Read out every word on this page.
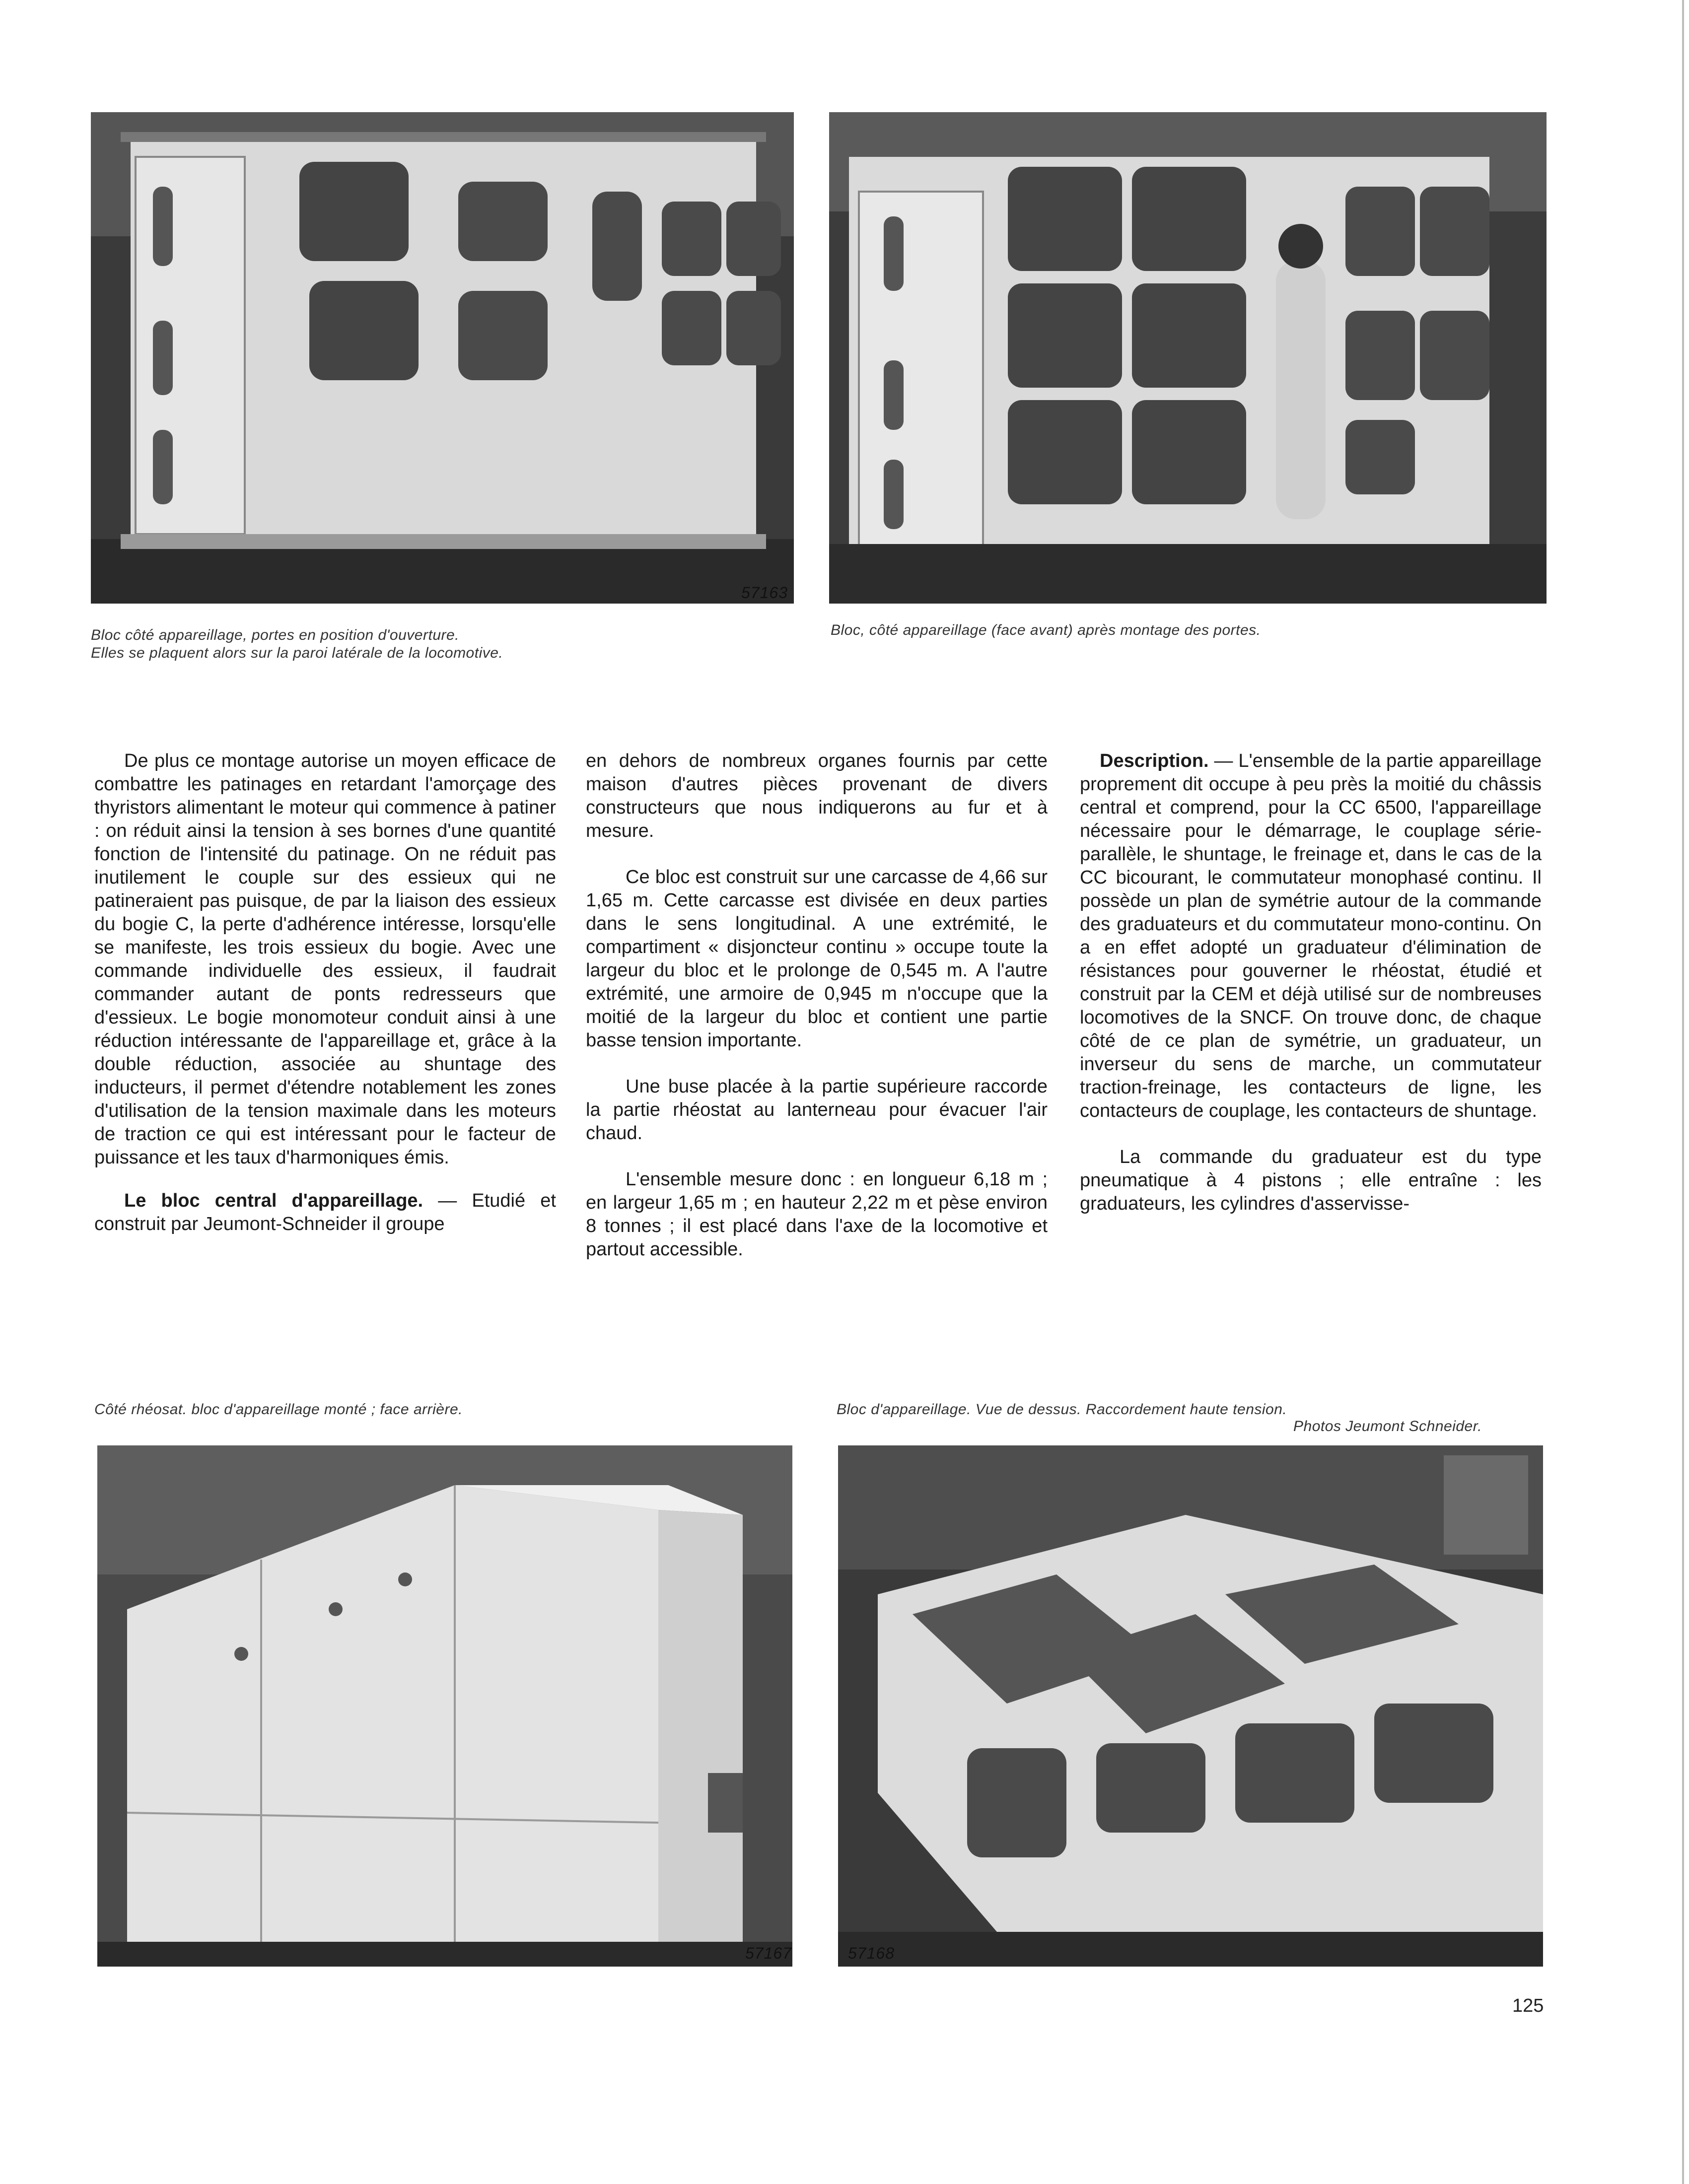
57163
Bloc côté appareillage, portes en position d'ouverture.
Elles se plaquent alors sur la paroi latérale de la locomotive.
Bloc, côté appareillage (face avant) après montage des portes.

De plus ce montage autorise un moyen efficace de combattre les patinages en retardant l'amorçage des thyristors alimentant le moteur qui commence à patiner : on réduit ainsi la tension à ses bornes d'une quantité fonction de l'intensité du patinage. On ne réduit pas inutilement le couple sur des essieux qui ne patineraient pas puisque, de par la liaison des essieux du bogie C, la perte d'adhérence intéresse, lorsqu'elle se manifeste, les trois essieux du bogie. Avec une commande individuelle des essieux, il faudrait commander autant de ponts redresseurs que d'essieux. Le bogie monomoteur conduit ainsi à une réduction intéressante de l'appareillage et, grâce à la double réduction, associée au shuntage des inducteurs, il permet d'étendre notablement les zones d'utilisation de la tension maximale dans les moteurs de traction ce qui est intéressant pour le facteur de puissance et les taux d'harmoniques émis.

Le bloc central d'appareillage. — Etudié et construit par Jeumont-Schneider il groupe

en dehors de nombreux organes fournis par cette maison d'autres pièces provenant de divers constructeurs que nous indiquerons au fur et à mesure.

Ce bloc est construit sur une carcasse de 4,66 sur 1,65 m. Cette carcasse est divisée en deux parties dans le sens longitudinal. A une extrémité, le compartiment « disjoncteur continu » occupe toute la largeur du bloc et le prolonge de 0,545 m. A l'autre extrémité, une armoire de 0,945 m n'occupe que la moitié de la largeur du bloc et contient une partie basse tension importante.

Une buse placée à la partie supérieure raccorde la partie rhéostat au lanterneau pour évacuer l'air chaud.

L'ensemble mesure donc : en longueur 6,18 m ; en largeur 1,65 m ; en hauteur 2,22 m et pèse environ 8 tonnes ; il est placé dans l'axe de la locomotive et partout accessible.

Description. — L'ensemble de la partie appareillage proprement dit occupe à peu près la moitié du châssis central et comprend, pour la CC 6500, l'appareillage nécessaire pour le démarrage, le couplage série-parallèle, le shuntage, le freinage et, dans le cas de la CC bicourant, le commutateur monophasé continu. Il possède un plan de symétrie autour de la commande des graduateurs et du commutateur mono-continu. On a en effet adopté un graduateur d'élimination de résistances pour gouverner le rhéostat, étudié et construit par la CEM et déjà utilisé sur de nombreuses locomotives de la SNCF. On trouve donc, de chaque côté de ce plan de symétrie, un graduateur, un inverseur du sens de marche, un commutateur traction-freinage, les contacteurs de ligne, les contacteurs de couplage, les contacteurs de shuntage.

La commande du graduateur est du type pneumatique à 4 pistons ; elle entraîne : les graduateurs, les cylindres d'asservisse-

Côté rhéosat. bloc d'appareillage monté ; face arrière.	Bloc d'appareillage. Vue de dessus. Raccordement haute tension.
Photos Jeumont Schneider.
57167	57168
125
